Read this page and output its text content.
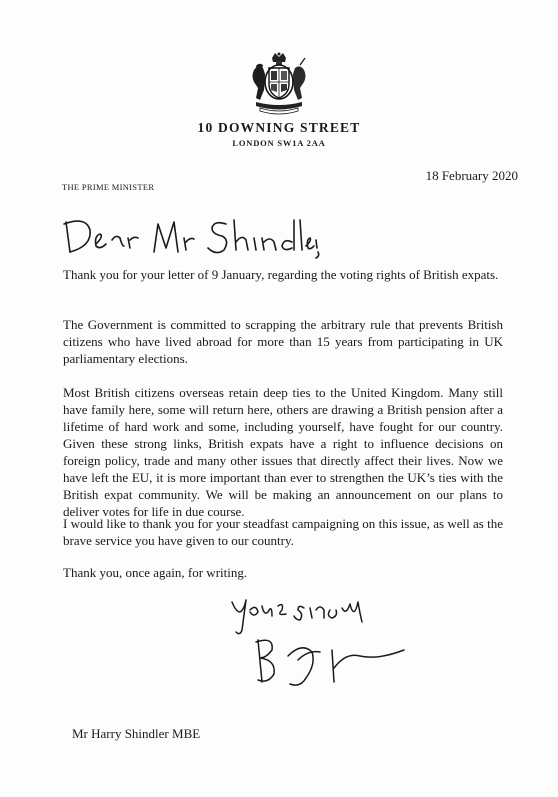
10 DOWNING STREET
LONDON SW1A 2AA
18 February 2020
THE PRIME MINISTER

Thank you for your letter of 9 January, regarding the voting rights of British expats.

The Government is committed to scrapping the arbitrary rule that prevents British citizens who have lived abroad for more than 15 years from participating in UK parliamentary elections.

Most British citizens overseas retain deep ties to the United Kingdom. Many still have family here, some will return here, others are drawing a British pension after a lifetime of hard work and some, including yourself, have fought for our country. Given these strong links, British expats have a right to influence decisions on foreign policy, trade and many other issues that directly affect their lives. Now we have left the EU, it is more important than ever to strengthen the UK’s ties with the British expat community. We will be making an announcement on our plans to deliver votes for life in due course.

I would like to thank you for your steadfast campaigning on this issue, as well as the brave service you have given to our country.

Thank you, once again, for writing.

Mr Harry Shindler MBE
